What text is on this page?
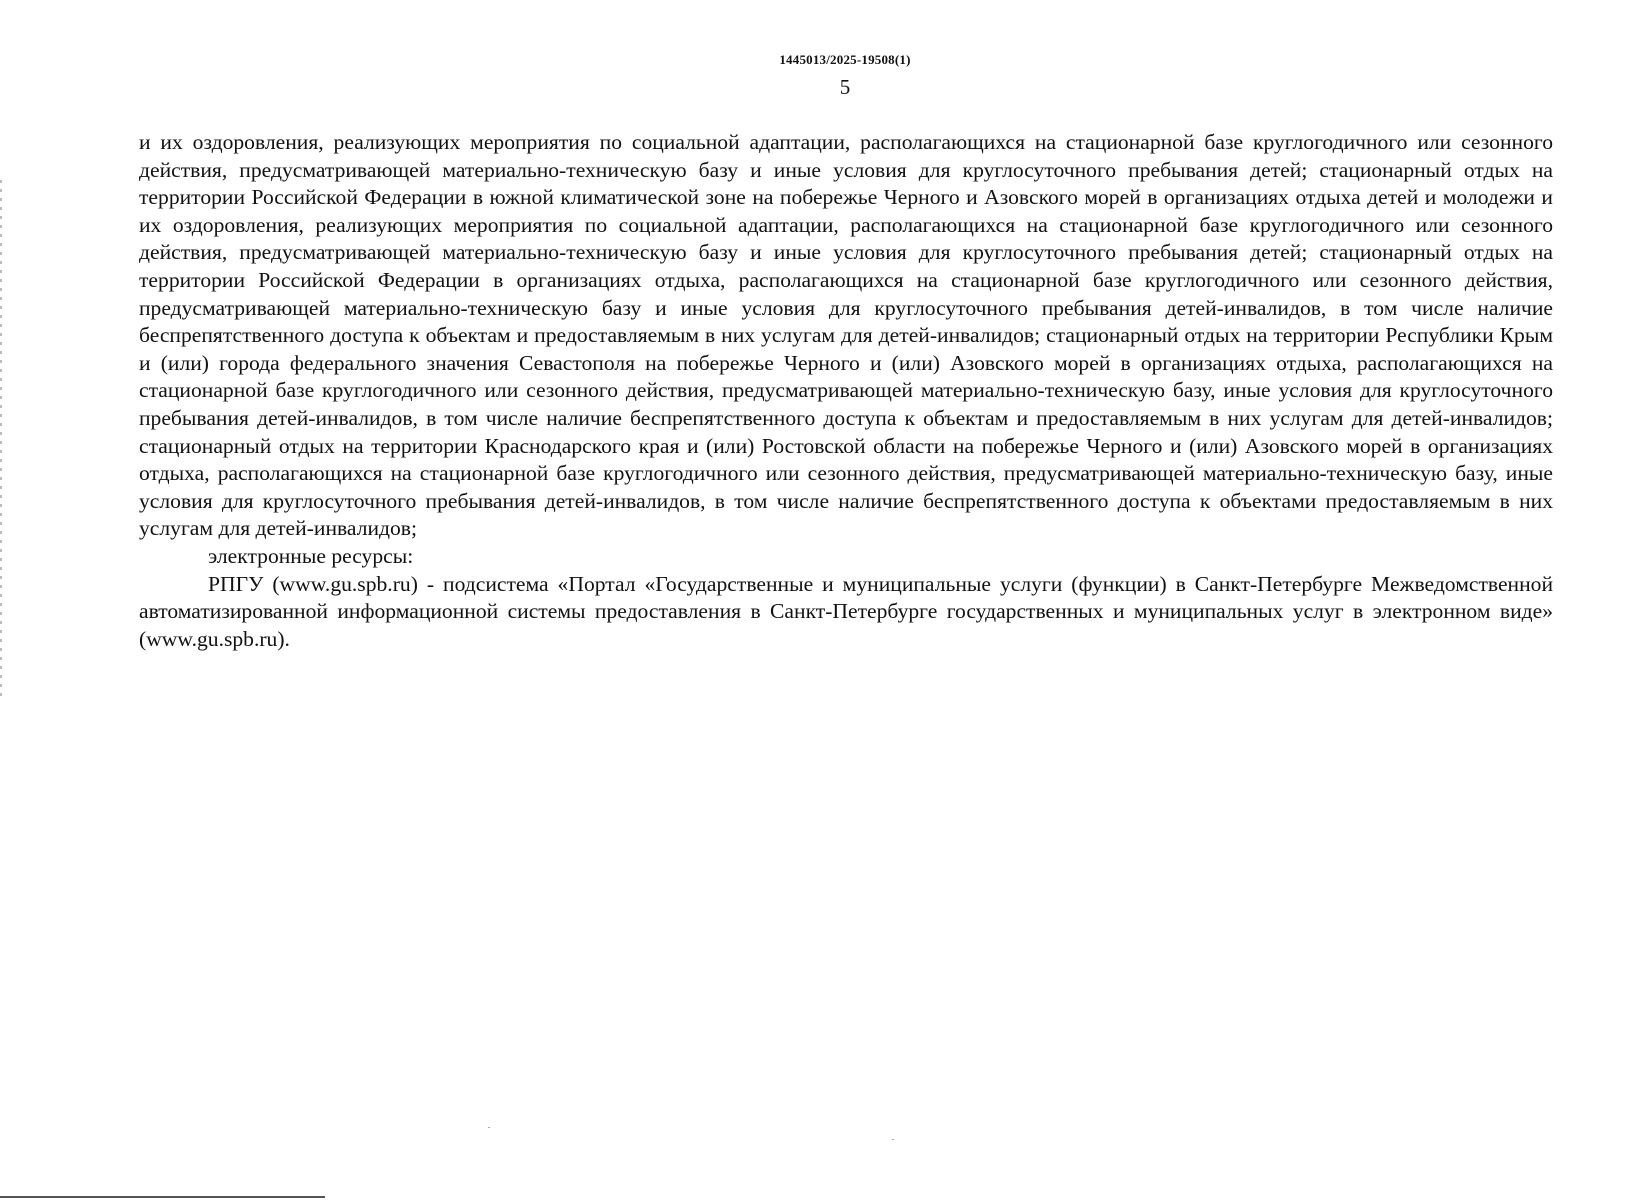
1445013/2025-19508(1)
5

и их оздоровления, реализующих мероприятия по социальной адаптации, располагающихся на стационарной базе круглогодичного или сезонного действия, предусматривающей материально-техническую базу и иные условия для круглосуточного пребывания детей; стационарный отдых на территории Российской Федерации в южной климатической зоне на побережье Черного и Азовского морей в организациях отдыха детей и молодежи и их оздоровления, реализующих мероприятия по социальной адаптации, располагающихся на стационарной базе круглогодичного или сезонного действия, предусматривающей материально-техническую базу и иные условия для круглосуточного пребывания детей; стационарный отдых на территории Российской Федерации в организациях отдыха, располагающихся на стационарной базе круглогодичного или сезонного действия, предусматривающей материально-техническую базу и иные условия для круглосуточного пребывания детей-инвалидов, в том числе наличие беспрепятственного доступа к объектам и предоставляемым в них услугам для детей-инвалидов; стационарный отдых на территории Республики Крым и (или) города федерального значения Севастополя на побережье Черного и (или) Азовского морей в организациях отдыха, располагающихся на стационарной базе круглогодичного или сезонного действия, предусматривающей материально-техническую базу, иные условия для круглосуточного пребывания детей-инвалидов, в том числе наличие беспрепятственного доступа к объектам и предоставляемым в них услугам для детей-инвалидов; стационарный отдых на территории Краснодарского края и (или) Ростовской области на побережье Черного и (или) Азовского морей в организациях отдыха, располагающихся на стационарной базе круглогодичного или сезонного действия, предусматривающей материально-техническую базу, иные условия для круглосуточного пребывания детей-инвалидов, в том числе наличие беспрепятственного доступа к объектами предоставляемым в них услугам для детей-инвалидов;

электронные ресурсы:

РПГУ (www.gu.spb.ru) - подсистема «Портал «Государственные и муниципальные услуги (функции) в Санкт-Петербурге Межведомственной автоматизированной информационной системы предоставления в Санкт-Петербурге государственных и муниципальных услуг в электронном виде» (www.gu.spb.ru).
